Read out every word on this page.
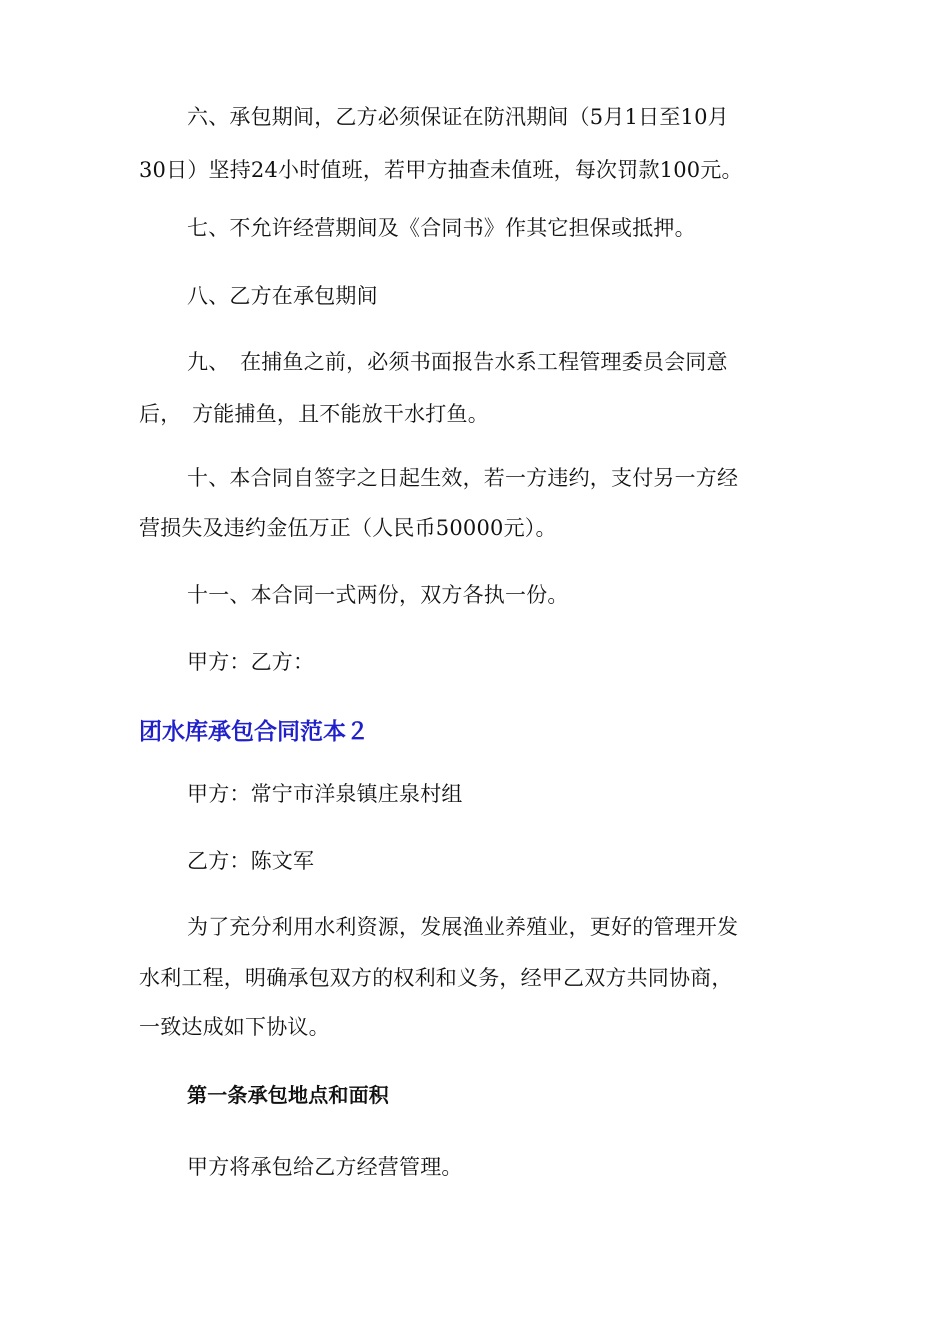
六、承包期间，乙方必须保证在防汛期间（5月1日至10月
30日）坚持24小时值班，若甲方抽查未值班，每次罚款100元。
七、不允许经营期间及《合同书》作其它担保或抵押。
八、乙方在承包期间
九、　在捕鱼之前，必须书面报告水系工程管理委员会同意
后，　方能捕鱼，且不能放干水打鱼。
十、本合同自签字之日起生效，若一方违约，支付另一方经
营损失及违约金伍万正（人民币50000元）。
十一、本合同一式两份，双方各执一份。
甲方：乙方：
团水库承包合同范本２
甲方：常宁市洋泉镇庄泉村组
乙方：陈文军
为了充分利用水利资源，发展渔业养殖业，更好的管理开发
水利工程，明确承包双方的权利和义务，经甲乙双方共同协商，
一致达成如下协议。
第一条承包地点和面积
甲方将承包给乙方经营管理。
